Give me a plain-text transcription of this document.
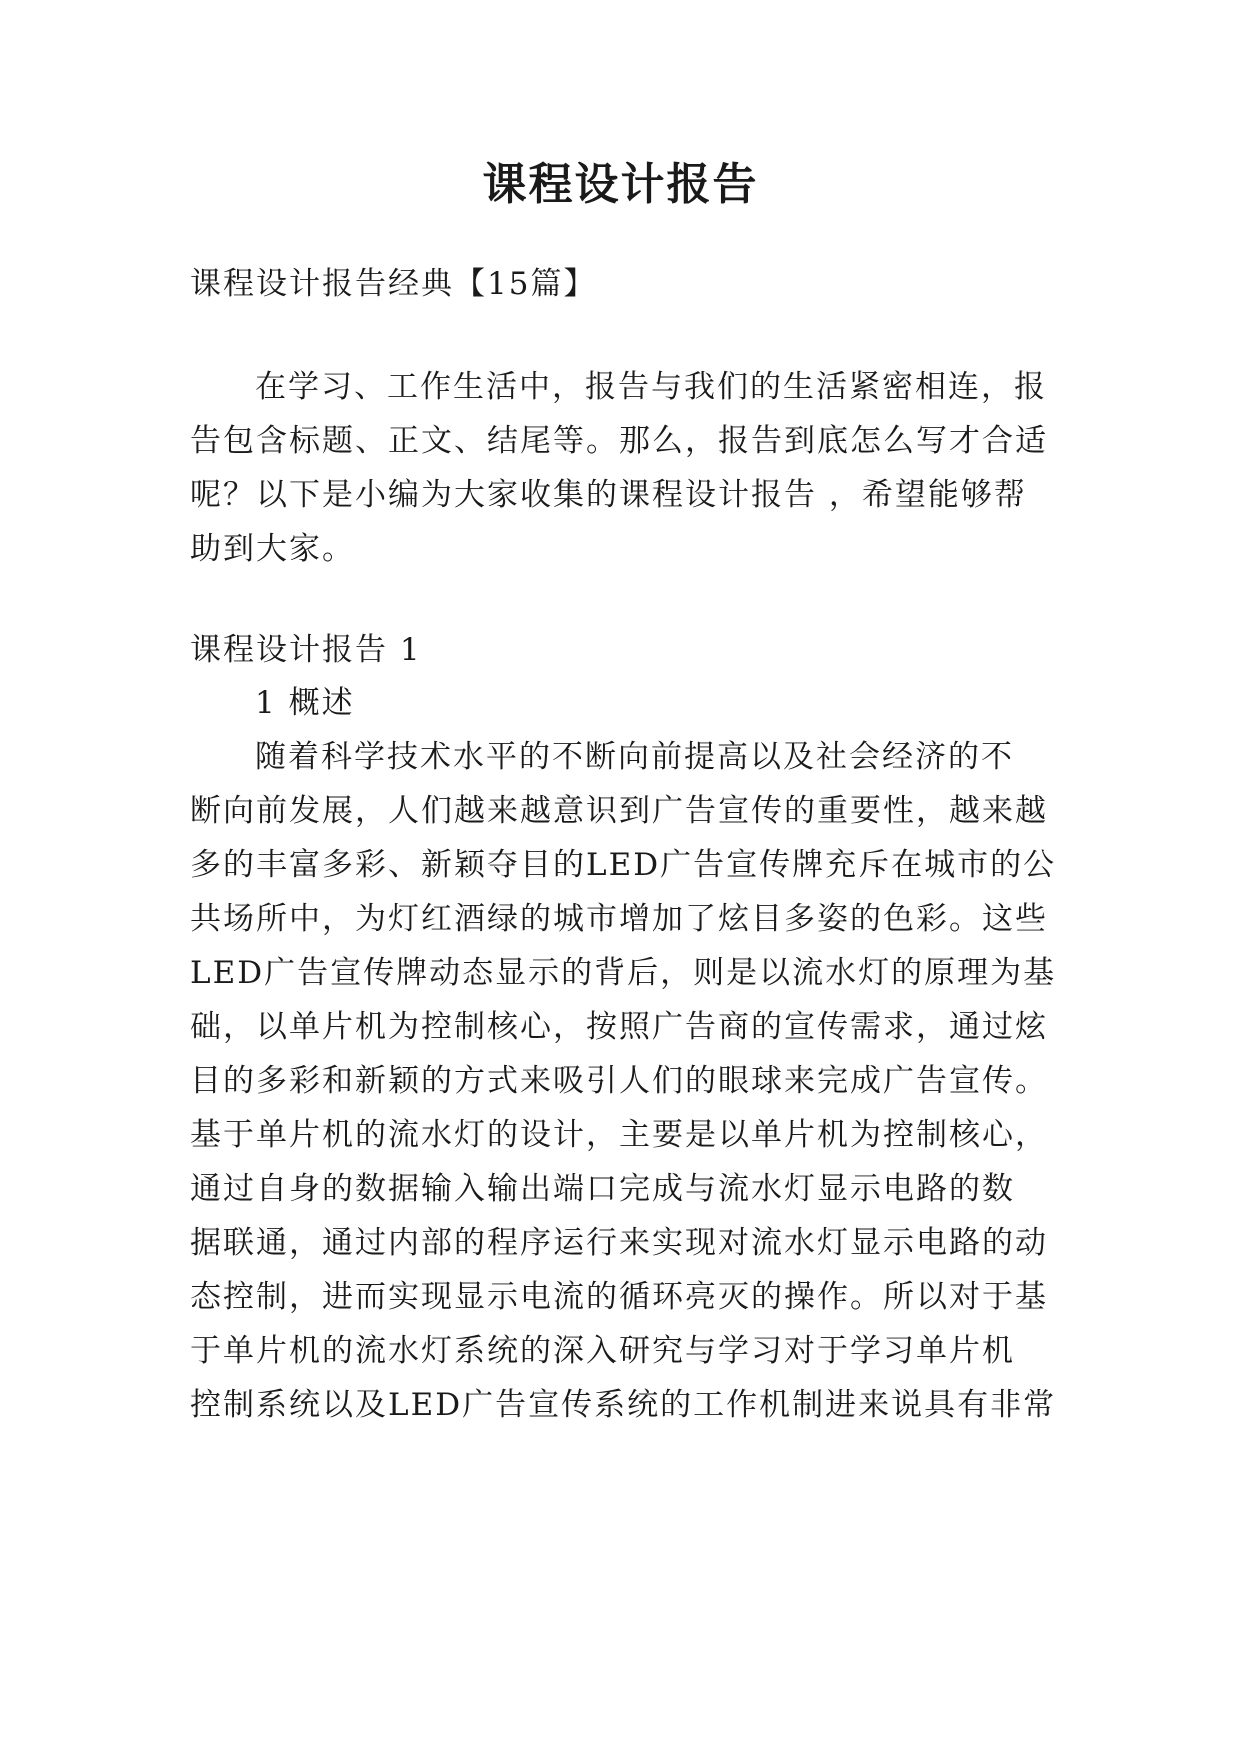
课程设计报告

课程设计报告经典【15篇】

在学习、工作生活中，报告与我们的生活紧密相连，报

告包含标题、正文、结尾等。那么，报告到底怎么写才合适

呢？以下是小编为大家收集的课程设计报告 ，希望能够帮

助到大家。

课程设计报告 1

1 概述

随着科学技术水平的不断向前提高以及社会经济的不

断向前发展，人们越来越意识到广告宣传的重要性，越来越

多的丰富多彩、新颖夺目的LED广告宣传牌充斥在城市的公

共场所中，为灯红酒绿的城市增加了炫目多姿的色彩。这些

LED广告宣传牌动态显示的背后，则是以流水灯的原理为基

础，以单片机为控制核心，按照广告商的宣传需求，通过炫

目的多彩和新颖的方式来吸引人们的眼球来完成广告宣传。

基于单片机的流水灯的设计，主要是以单片机为控制核心，

通过自身的数据输入输出端口完成与流水灯显示电路的数

据联通，通过内部的程序运行来实现对流水灯显示电路的动

态控制，进而实现显示电流的循环亮灭的操作。所以对于基

于单片机的流水灯系统的深入研究与学习对于学习单片机

控制系统以及LED广告宣传系统的工作机制进来说具有非常
